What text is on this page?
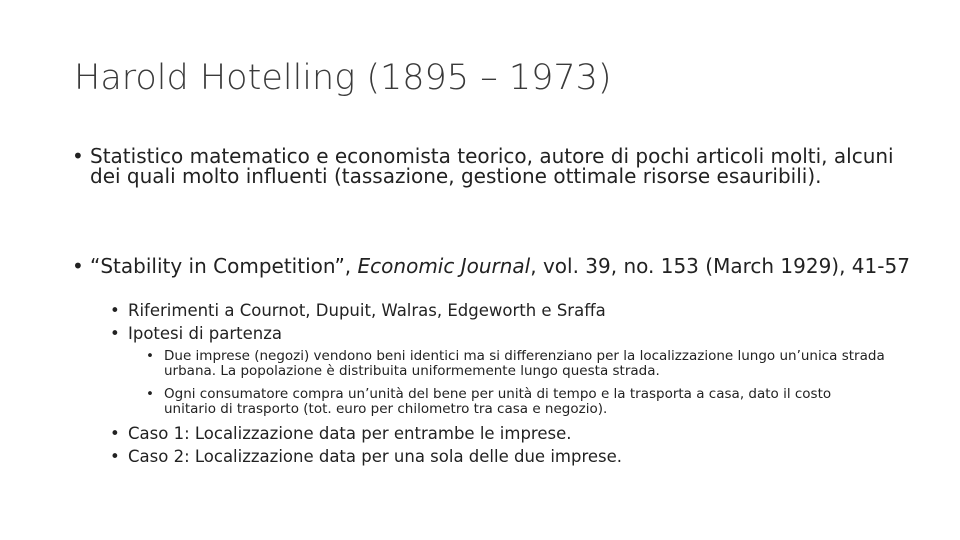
Harold Hotelling (1895 – 1973)
• Statistico matematico e economista teorico, autore di pochi articoli molti, alcuni dei quali molto influenti (tassazione, gestione ottimale risorse esauribili).
• “Stability in Competition”, Economic Journal, vol. 39, no. 153 (March 1929), 41-57
• Riferimenti a Cournot, Dupuit, Walras, Edgeworth e Sraffa
• Ipotesi di partenza
• Due imprese (negozi) vendono beni identici ma si differenziano per la localizzazione lungo un’unica strada urbana. La popolazione è distribuita uniformemente lungo questa strada.
• Ogni consumatore compra un’unità del bene per unità di tempo e la trasporta a casa, dato il costo unitario di trasporto (tot. euro per chilometro tra casa e negozio).
• Caso 1: Localizzazione data per entrambe le imprese.
• Caso 2: Localizzazione data per una sola delle due imprese.
